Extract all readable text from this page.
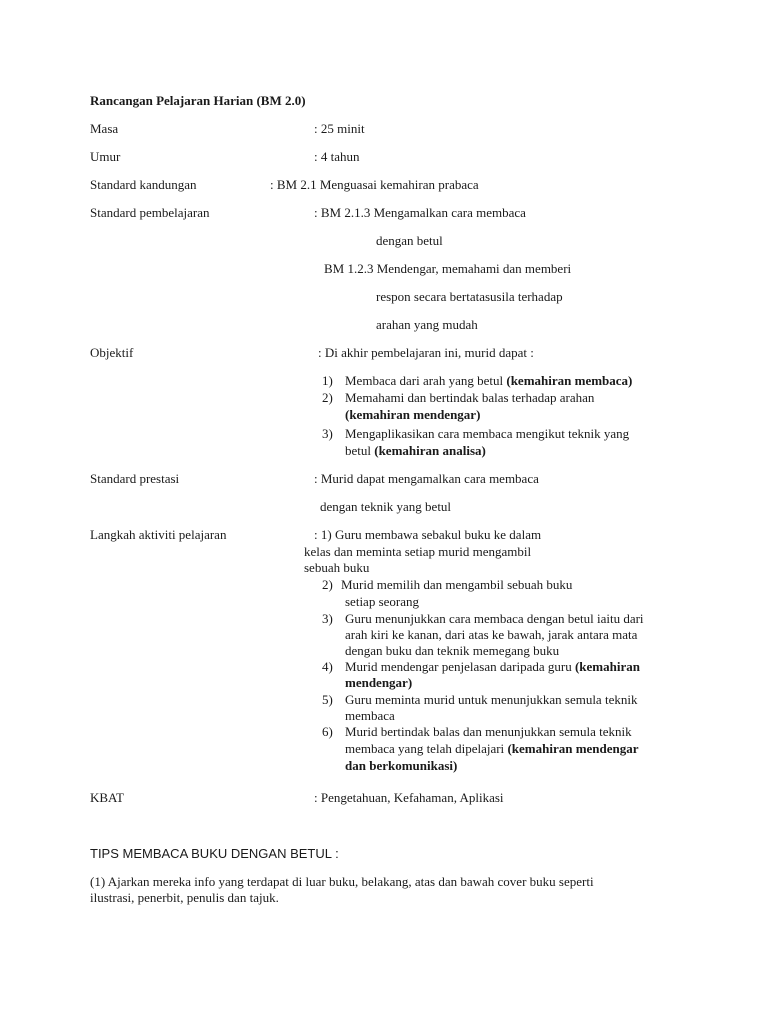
Rancangan Pelajaran Harian (BM 2.0)
Masa	: 25 minit
Umur	: 4 tahun
Standard kandungan	: BM 2.1 Menguasai kemahiran prabaca
Standard pembelajaran	: BM 2.1.3 Mengamalkan cara membaca
dengan betul
BM 1.2.3 Mendengar, memahami dan memberi
respon secara bertatasusila terhadap
arahan yang mudah
Objektif	: Di akhir pembelajaran ini, murid dapat :
1) Membaca dari arah yang betul (kemahiran membaca)
2) Memahami dan bertindak balas terhadap arahan
(kemahiran mendengar)
3) Mengaplikasikan cara membaca mengikut teknik yang
betul (kemahiran analisa)
Standard prestasi	: Murid dapat mengamalkan cara membaca
dengan teknik yang betul
Langkah aktiviti pelajaran	: 1) Guru membawa sebakul buku ke dalam
kelas dan meminta setiap murid mengambil
sebuah buku
2) Murid memilih dan mengambil sebuah buku
setiap seorang
3) Guru menunjukkan cara membaca dengan betul iaitu dari
arah kiri ke kanan, dari atas ke bawah, jarak antara mata
dengan buku dan teknik memegang buku
4) Murid mendengar penjelasan daripada guru (kemahiran
mendengar)
5) Guru meminta murid untuk menunjukkan semula teknik
membaca
6) Murid bertindak balas dan menunjukkan semula teknik
membaca yang telah dipelajari (kemahiran mendengar
dan berkomunikasi)
KBAT	: Pengetahuan, Kefahaman, Aplikasi
TIPS MEMBACA BUKU DENGAN BETUL :
(1) Ajarkan mereka info yang terdapat di luar buku, belakang, atas dan bawah cover buku seperti
ilustrasi, penerbit, penulis dan tajuk.
